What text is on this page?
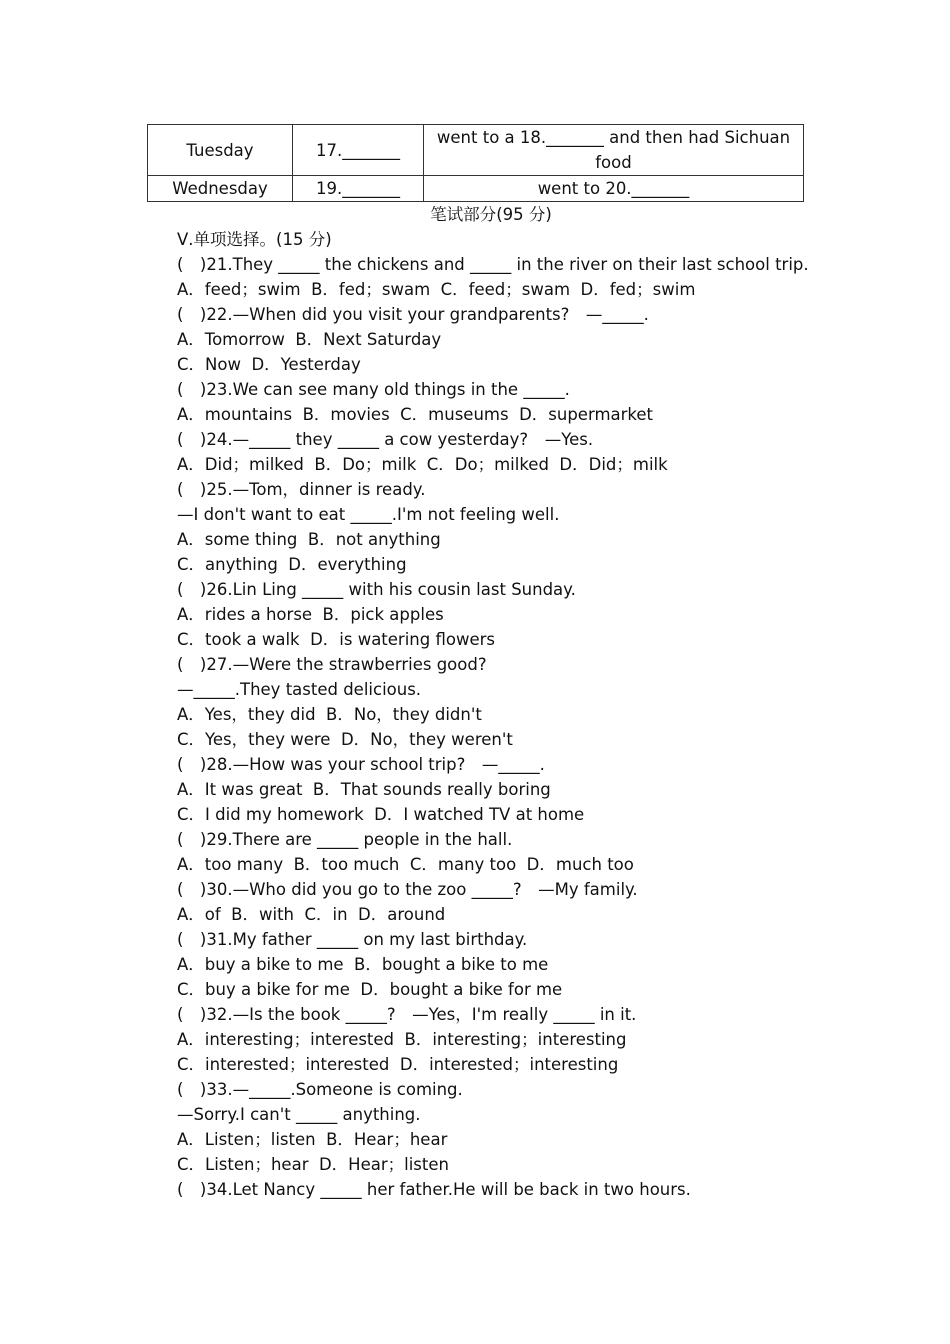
Tuesday	17._______	went to a 18._______ and then had Sichuan food
Wednesday	19._______	went to 20._______
笔试部分(95 分)
Ⅴ.单项选择。(15 分)
(　)21.They _____ the chickens and _____ in the river on their last school trip.
A．feed；swim  B．fed；swam  C．feed；swam  D．fed；swim
(　)22.—When did you visit your grandparents?　—_____.
A．Tomorrow  B．Next Saturday
C．Now  D．Yesterday
(　)23.We can see many old things in the _____.
A．mountains  B．movies  C．museums  D．supermarket
(　)24.—_____ they _____ a cow yesterday?　—Yes.
A．Did；milked  B．Do；milk  C．Do；milked  D．Did；milk
(　)25.—Tom，dinner is ready.
—I don't want to eat _____.I'm not feeling well.
A．some thing  B．not anything
C．anything  D．everything
(　)26.Lin Ling _____ with his cousin last Sunday.
A．rides a horse  B．pick apples
C．took a walk  D．is watering flowers
(　)27.—Were the strawberries good?
—_____.They tasted delicious.
A．Yes，they did  B．No，they didn't
C．Yes，they were  D．No，they weren't
(　)28.—How was your school trip?　—_____.
A．It was great  B．That sounds really boring
C．I did my homework  D．I watched TV at home
(　)29.There are _____ people in the hall.
A．too many  B．too much  C．many too  D．much too
(　)30.—Who did you go to the zoo _____?　—My family.
A．of  B．with  C．in  D．around
(　)31.My father _____ on my last birthday.
A．buy a bike to me  B．bought a bike to me
C．buy a bike for me  D．bought a bike for me
(　)32.—Is the book _____?　—Yes，I'm really _____ in it.
A．interesting；interested  B．interesting；interesting
C．interested；interested  D．interested；interesting
(　)33.—_____.Someone is coming.
—Sorry.I can't _____ anything.
A．Listen；listen  B．Hear；hear
C．Listen；hear  D．Hear；listen
(　)34.Let Nancy _____ her father.He will be back in two hours.
